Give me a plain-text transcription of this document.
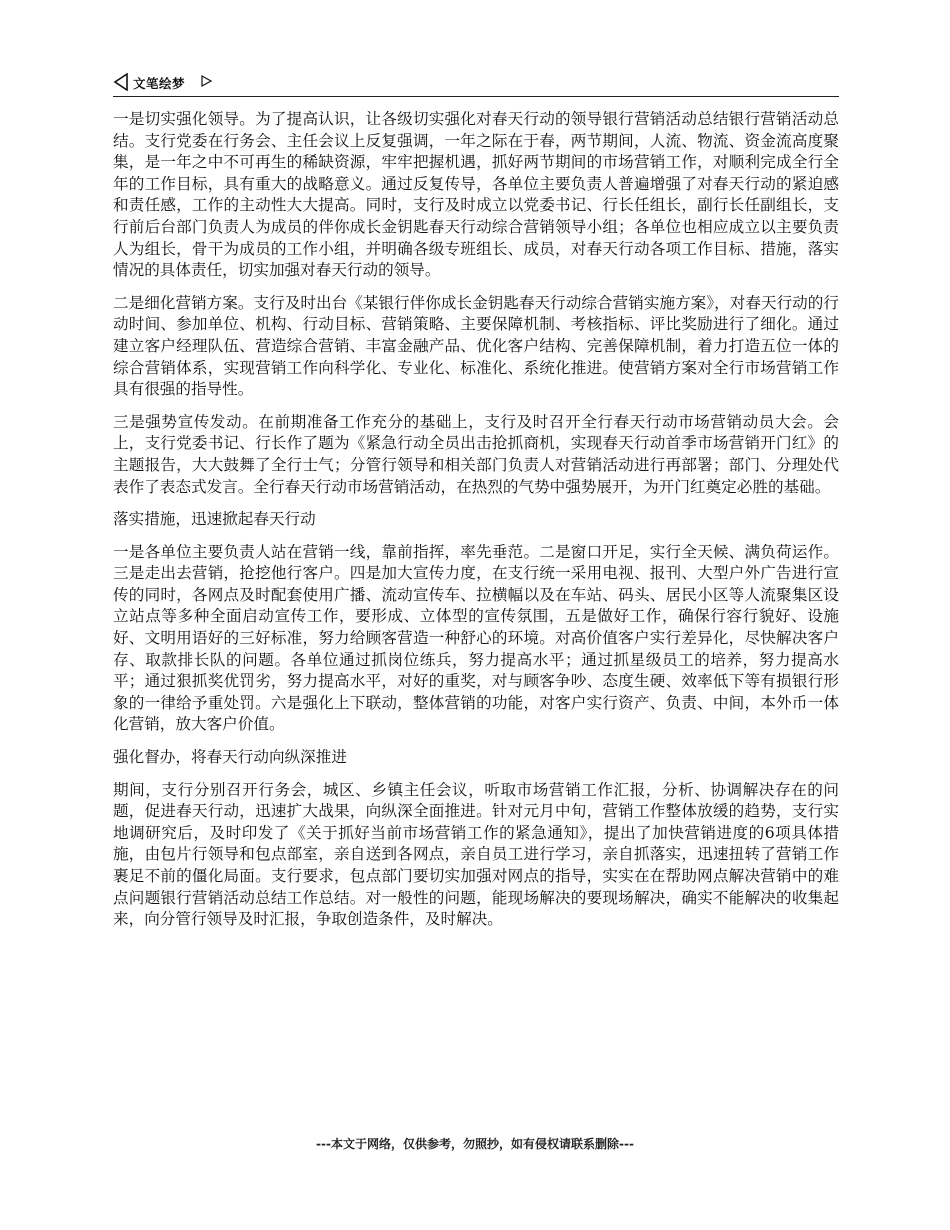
文笔绘梦

一是切实强化领导。为了提高认识，让各级切实强化对春天行动的领导银行营销活动总结银行营销活动总结。支行党委在行务会、主任会议上反复强调，一年之际在于春，两节期间，人流、物流、资金流高度聚集，是一年之中不可再生的稀缺资源，牢牢把握机遇，抓好两节期间的市场营销工作，对顺利完成全行全年的工作目标，具有重大的战略意义。通过反复传导，各单位主要负责人普遍增强了对春天行动的紧迫感和责任感，工作的主动性大大提高。同时，支行及时成立以党委书记、行长任组长，副行长任副组长，支行前后台部门负责人为成员的伴你成长金钥匙春天行动综合营销领导小组；各单位也相应成立以主要负责人为组长，骨干为成员的工作小组，并明确各级专班组长、成员，对春天行动各项工作目标、措施，落实情况的具体责任，切实加强对春天行动的领导。

二是细化营销方案。支行及时出台《某银行伴你成长金钥匙春天行动综合营销实施方案》，对春天行动的行动时间、参加单位、机构、行动目标、营销策略、主要保障机制、考核指标、评比奖励进行了细化。通过建立客户经理队伍、营造综合营销、丰富金融产品、优化客户结构、完善保障机制，着力打造五位一体的综合营销体系，实现营销工作向科学化、专业化、标准化、系统化推进。使营销方案对全行市场营销工作具有很强的指导性。

三是强势宣传发动。在前期准备工作充分的基础上，支行及时召开全行春天行动市场营销动员大会。会上，支行党委书记、行长作了题为《紧急行动全员出击抢抓商机，实现春天行动首季市场营销开门红》的主题报告，大大鼓舞了全行士气；分管行领导和相关部门负责人对营销活动进行再部署；部门、分理处代表作了表态式发言。全行春天行动市场营销活动，在热烈的气势中强势展开，为开门红奠定必胜的基础。

落实措施，迅速掀起春天行动

一是各单位主要负责人站在营销一线，靠前指挥，率先垂范。二是窗口开足，实行全天候、满负荷运作。三是走出去营销，抢挖他行客户。四是加大宣传力度，在支行统一采用电视、报刊、大型户外广告进行宣传的同时，各网点及时配套使用广播、流动宣传车、拉横幅以及在车站、码头、居民小区等人流聚集区设立站点等多种全面启动宣传工作，要形成、立体型的宣传氛围，五是做好工作，确保行容行貌好、设施好、文明用语好的三好标准，努力给顾客营造一种舒心的环境。对高价值客户实行差异化，尽快解决客户存、取款排长队的问题。各单位通过抓岗位练兵，努力提高水平；通过抓星级员工的培养，努力提高水平；通过狠抓奖优罚劣，努力提高水平，对好的重奖，对与顾客争吵、态度生硬、效率低下等有损银行形象的一律给予重处罚。六是强化上下联动，整体营销的功能，对客户实行资产、负责、中间，本外币一体化营销，放大客户价值。

强化督办，将春天行动向纵深推进

期间，支行分别召开行务会，城区、乡镇主任会议，听取市场营销工作汇报，分析、协调解决存在的问题，促进春天行动，迅速扩大战果，向纵深全面推进。针对元月中旬，营销工作整体放缓的趋势，支行实地调研究后，及时印发了《关于抓好当前市场营销工作的紧急通知》，提出了加快营销进度的6项具体措施，由包片行领导和包点部室，亲自送到各网点，亲自员工进行学习，亲自抓落实，迅速扭转了营销工作裹足不前的僵化局面。支行要求，包点部门要切实加强对网点的指导，实实在在帮助网点解决营销中的难点问题银行营销活动总结工作总结。对一般性的问题，能现场解决的要现场解决，确实不能解决的收集起来，向分管行领导及时汇报，争取创造条件，及时解决。

---本文于网络，仅供参考，勿照抄，如有侵权请联系删除---
